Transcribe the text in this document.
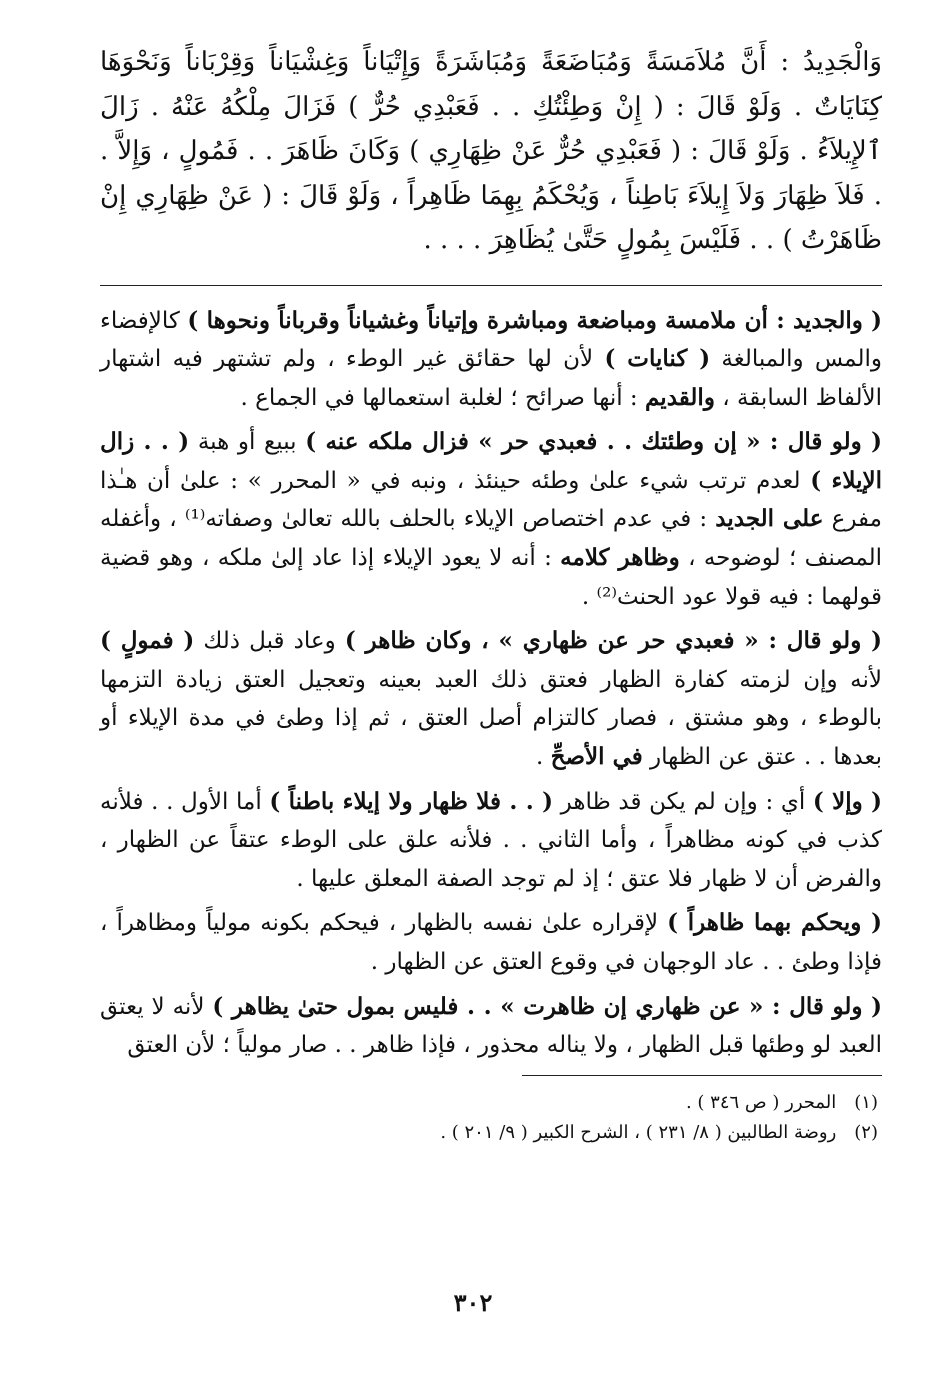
وَالْجَدِيدُ : أَنَّ مُلاَمَسَةً وَمُبَاضَعَةً وَمُبَاشَرَةً وَإِتْيَاناً وَغِشْيَاناً وَقِرْبَاناً وَنَحْوَهَا كِنَايَاتٌ . وَلَوْ قَالَ : ( إِنْ وَطِئْتُكِ . . فَعَبْدِي حُرٌّ ) فَزَالَ مِلْكُهُ عَنْهُ . زَالَ ٱلإِيلاَءُ . وَلَوْ قَالَ : ( فَعَبْدِي حُرٌّ عَنْ ظِهَارِي ) وَكَانَ ظَاهَرَ . . فَمُولٍ ، وَإِلاَّ . . فَلاَ ظِهَارَ وَلاَ إِيلاَءَ بَاطِناً ، وَيُحْكَمُ بِهِمَا ظَاهِراً ، وَلَوْ قَالَ : ( عَنْ ظِهَارِي إِنْ ظَاهَرْتُ ) . . فَلَيْسَ بِمُولٍ حَتَّىٰ يُظَاهِرَ . . . .

( والجديد : أن ملامسة ومباضعة ومباشرة وإتياناً وغشياناً وقرباناً ونحوها ) كالإفضاء والمس والمبالغة ( كنايات ) لأن لها حقائق غير الوطء ، ولم تشتهر فيه اشتهار الألفاظ السابقة ، والقديم : أنها صرائح ؛ لغلبة استعمالها في الجماع .

( ولو قال : « إن وطئتك . . فعبدي حر » فزال ملكه عنه ) ببيع أو هبة ( . . زال الإيلاء ) لعدم ترتب شيء علىٰ وطئه حينئذ ، ونبه في « المحرر » : علىٰ أن هـٰذا مفرع على الجديد : في عدم اختصاص الإيلاء بالحلف بالله تعالىٰ وصفاته⁽¹⁾ ، وأغفله المصنف ؛ لوضوحه ، وظاهر كلامه : أنه لا يعود الإيلاء إذا عاد إلىٰ ملكه ، وهو قضية قولهما : فيه قولا عود الحنث⁽²⁾ .

( ولو قال : « فعبدي حر عن ظهاري » ، وكان ظاهر ) وعاد قبل ذلك ( فمولٍ ) لأنه وإن لزمته كفارة الظهار فعتق ذلك العبد بعينه وتعجيل العتق زيادة التزمها بالوطء ، وهو مشتق ، فصار كالتزام أصل العتق ، ثم إذا وطئ في مدة الإيلاء أو بعدها . . عتق عن الظهار في الأصحِّ .

( وإلا ) أي : وإن لم يكن قد ظاهر ( . . فلا ظهار ولا إيلاء باطناً ) أما الأول . . فلأنه كذب في كونه مظاهراً ، وأما الثاني . . فلأنه علق على الوطء عتقاً عن الظهار ، والفرض أن لا ظهار فلا عتق ؛ إذ لم توجد الصفة المعلق عليها .

( ويحكم بهما ظاهراً ) لإقراره علىٰ نفسه بالظهار ، فيحكم بكونه مولياً ومظاهراً ، فإذا وطئ . . عاد الوجهان في وقوع العتق عن الظهار .

( ولو قال : « عن ظهاري إن ظاهرت » . . فليس بمول حتىٰ يظاهر ) لأنه لا يعتق العبد لو وطئها قبل الظهار ، ولا يناله محذور ، فإذا ظاهر . . صار مولياً ؛ لأن العتق

(١)المحرر ( ص ٣٤٦ ) .

(٢)روضة الطالبين ( ٨/ ٢٣١ ) ، الشرح الكبير ( ٩/ ٢٠١ ) .

٣٠٢
